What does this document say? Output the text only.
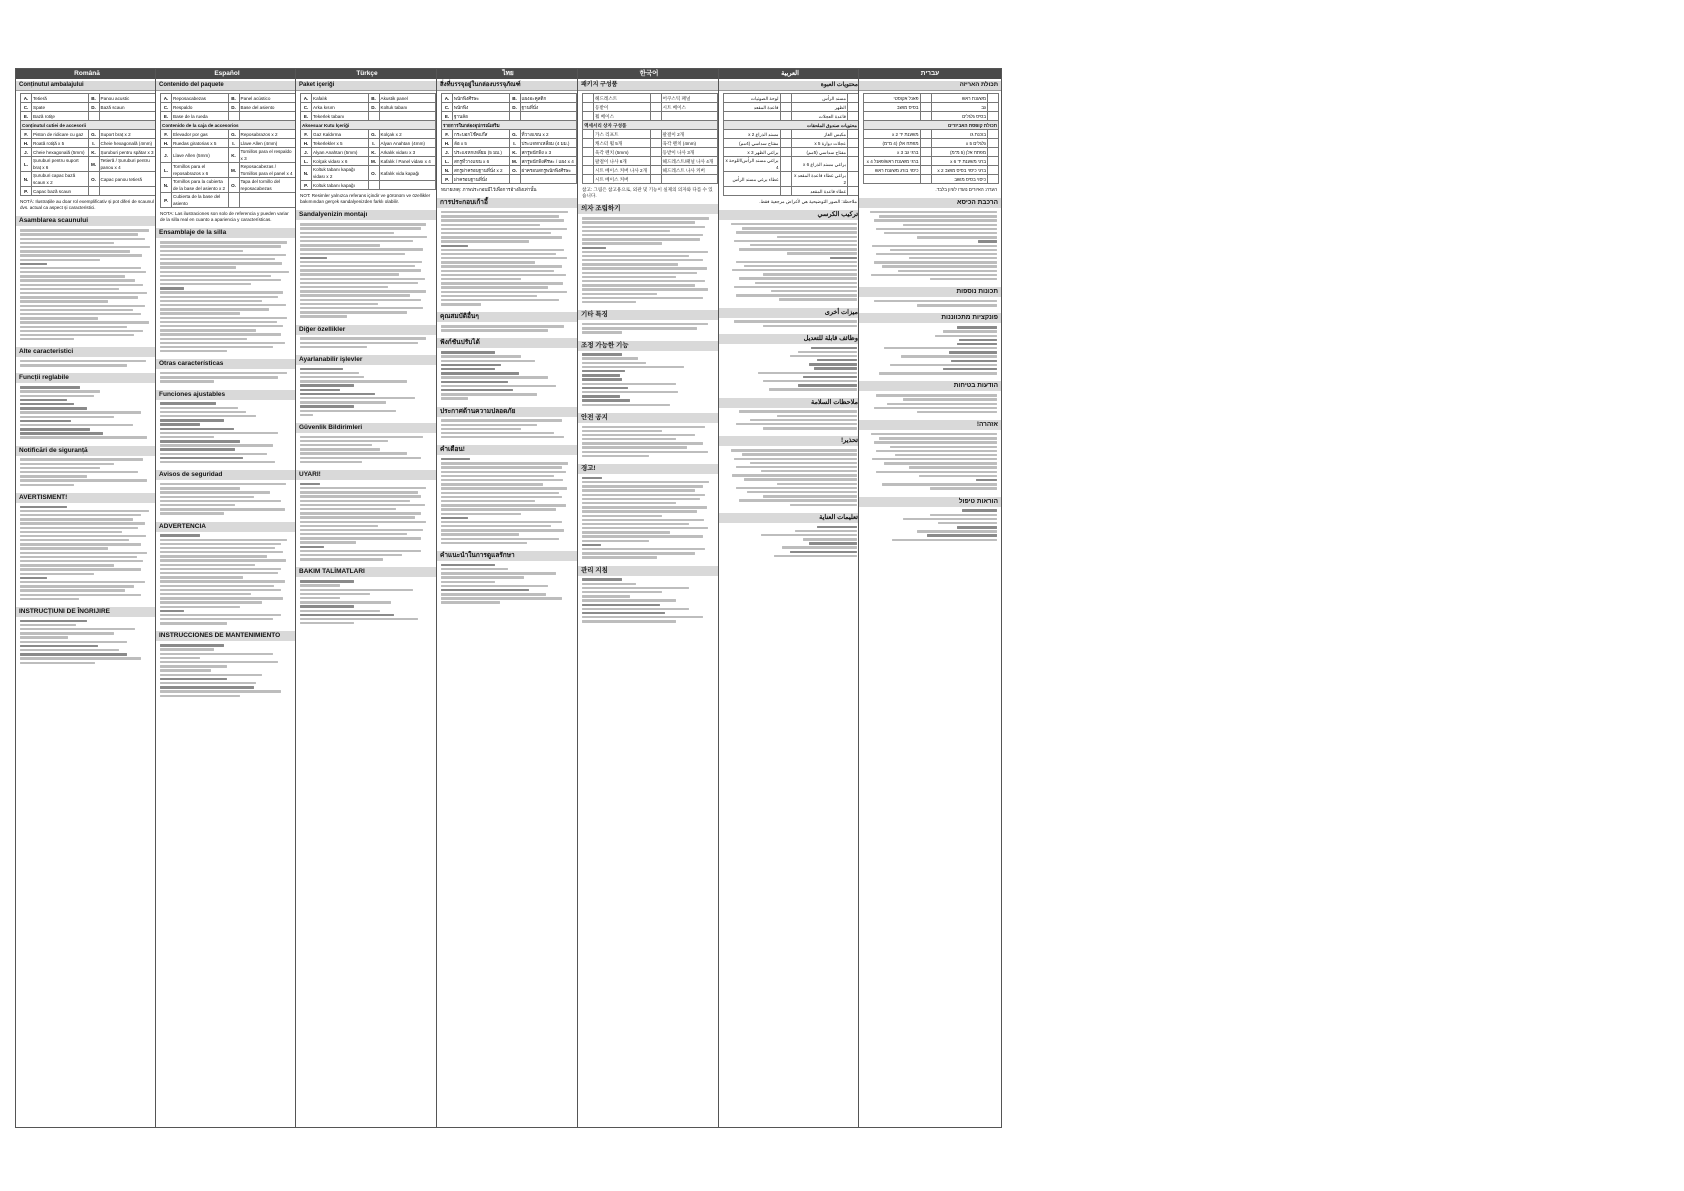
Română
Conținutul ambalajului
A.	Tetieră	B.	Panou acustic
C.	Spate	D.	Bază scaun
E.	Bază rotiţe		
Conținutul cutiei de accesorii			
F.	Piston de ridicare cu gaz	G.	Suport braț x 2
H.	Roată rotiță x 5	I.	Cheie hexagonală (4mm)
J.	Cheie hexagonală (5mm)	K.	Șuruburi pentru spătar x 3
L.	Șuruburi pentru suport braț x 6	M.	Tetieră / Șuruburi pentru panou x 4
N.	Șuruburi capac bază scaun x 2	O.	Capac panou tetieră
P.	Capac bază scaun		
NOTĂ: Ilustrațiile au doar rol exemplificativ și pot diferi de scaunul dvs. actual ca aspect și caracteristici.
Asamblarea scaunului
Alte caracteristici
Funcții reglabile
Notificări de siguranță
AVERTISMENT!
INSTRUCȚIUNI DE ÎNGRIJIRE
Español
Contenido del paquete
A.	Reposacabezas	B.	Panel acústico
C.	Respaldo	D.	Base del asiento
E.	Base de la rueda		
Contenido de la caja de accesorios			
F.	Elevador por gas	G.	Reposabrazos x 2
H.	Ruedas giratorias x 5	I.	Llave Allen (4mm)
J.	Llave Allen (5mm)	K.	Tornillos para el respaldo x 3
L.	Tornillos para el reposabrazos x 6	M.	Reposacabezas / Tornillos para el panel x 4
N.	Tornillos para la cubierta de la base del asiento x 2	O.	Tapa del tornillo del reposacabezas
P.	Cubierta de la base del asiento		
NOTA: Las ilustraciones son solo de referencia y pueden variar de la silla real en cuanto a apariencia y características.
Ensamblaje de la silla
Otras características
Funciones ajustables
Avisos de seguridad
ADVERTENCIA
INSTRUCCIONES DE MANTENIMIENTO
Türkçe
Paket içeriği
A.	Kafalık	B.	Akustik panel
C.	Arka kısım	D.	Koltuk tabanı
E.	Tekerlek tabanı		
Aksesuar Kutu İçeriği			
F.	Gaz Kaldırma	G.	Kolçak x 2
H.	Tekerlekler x 5	I.	Alyan Anahtarı (4mm)
J.	Alyan Anahtarı (5mm)	K.	Arkalık vidası x 3
L.	Kolçak vidası x 6	M.	Kafalık / Panel vidası x 4
N.	Koltuk tabanı kapağı vidası x 2	O.	Kafalık vida kapağı
P.	Koltuk tabanı kapağı		
NOT: Resimler yalnızca referans içindir ve görünüm ve özellikler bakımından gerçek sandalyenizden farklı olabilir.
Sandalyenizin montajı
Diğer özellikler
Ayarlanabilir işlevler
Güvenlik Bildirimleri
UYARI!
BAKIM TALİMATLARI
ไทย
สิ่งที่บรรจุอยู่ในกล่องบรรจุภัณฑ์
A.	พนักพิงศีรษะ	B.	แผงอะคูสติก
C.	พนักพิง	D.	ฐานที่นั่ง
E.	ฐานล้อ		
รายการในกล่องอุปกรณ์เสริม			
F.	กระบอกโช๊คแก๊ส	G.	ที่วางแขน x 2
H.	ล้อ x 5	I.	ประแจหกเหลี่ยม (4 มม.)
J.	ประแจหกเหลี่ยม (5 มม.)	K.	สกรูพนักพิง x 3
L.	สกรูที่วางแขน x 6	M.	สกรูพนักพิงศีรษะ / แผง x 4
N.	สกรูฝาครอบฐานที่นั่ง x 2	O.	ฝาครอบสกรูพนักพิงศีรษะ
P.	ฝาครอบฐานที่นั่ง		
หมายเหตุ: ภาพประกอบมีไว้เพื่อการอ้างอิงเท่านั้น
การประกอบเก้าอี้
คุณสมบัติอื่นๆ
ฟังก์ชันปรับได้
ประกาศด้านความปลอดภัย
คำเตือน!
คำแนะนำในการดูแลรักษา
한국어
패키지 구성품
	헤드레스트		어쿠스틱 패널
	등받이		시트 베이스
	휠 베이스		
액세서리 상자 구성품			
	가스 리프트		팔걸이 2개
	캐스터 휠 5개		육각 렌치 (4mm)
	육각 렌치 (5mm)		등받이 나사 3개
	팔걸이 나사 6개		헤드레스트/패널 나사 4개
	시트 베이스 커버 나사 2개		헤드레스트 나사 커버
	시트 베이스 커버		
참고: 그림은 참고용으로, 외관 및 기능이 실제의 의자와 다를 수 있습니다.
의자 조립하기
기타 특징
조정 가능한 기능
안전 공지
경고!
관리 지침
العربية
محتويات العبوة
	مسند الرأس		لوحة الصوتيات
	الظهر		قاعدة المقعد
	قاعدة العجلات		
محتويات صندوق الملحقات			
	مكبس الغاز		مسند الذراع x 2
	عجلات دوارة x 5		مفتاح سداسي (4مم)
	مفتاح سداسي (5مم)		براغي الظهر x 3
	براغي مسند الذراع x 6		براغي مسند الرأس/اللوحة x 4
	براغي غطاء قاعدة المقعد x 2		غطاء برغي مسند الرأس
	غطاء قاعدة المقعد		
ملاحظة: الصور التوضيحية هي لأغراض مرجعية فقط.
تركيب الكرسي
ميزات أخرى
وظائف قابلة للتعديل
ملاحظات السلامة
تحذير!
تعليمات العناية
עברית
תכולת האריזה
	משענת ראש		פאנל אקוסטי
	גב		בסיס מושב
	בסיס גלגלים		
תכולת קופסת האביזרים			
	בוכנת גז		משענת יד x 2
	גלגלים x 5		מפתח אלן (4 מ"מ)
	מפתח אלן (5 מ"מ)		ברגי גב x 3
	ברגי משענת יד x 6		ברגי משענת ראש/פאנל x 4
	ברגי כיסוי בסיס מושב x 2		כיסוי בורג משענת ראש
	כיסוי בסיס מושב		
הערה: האיורים נועדו לעיון בלבד.
הרכבת הכיסא
תכונות נוספות
פונקציות מתכווננות
הודעות בטיחות
אזהרה!
הוראות טיפול
